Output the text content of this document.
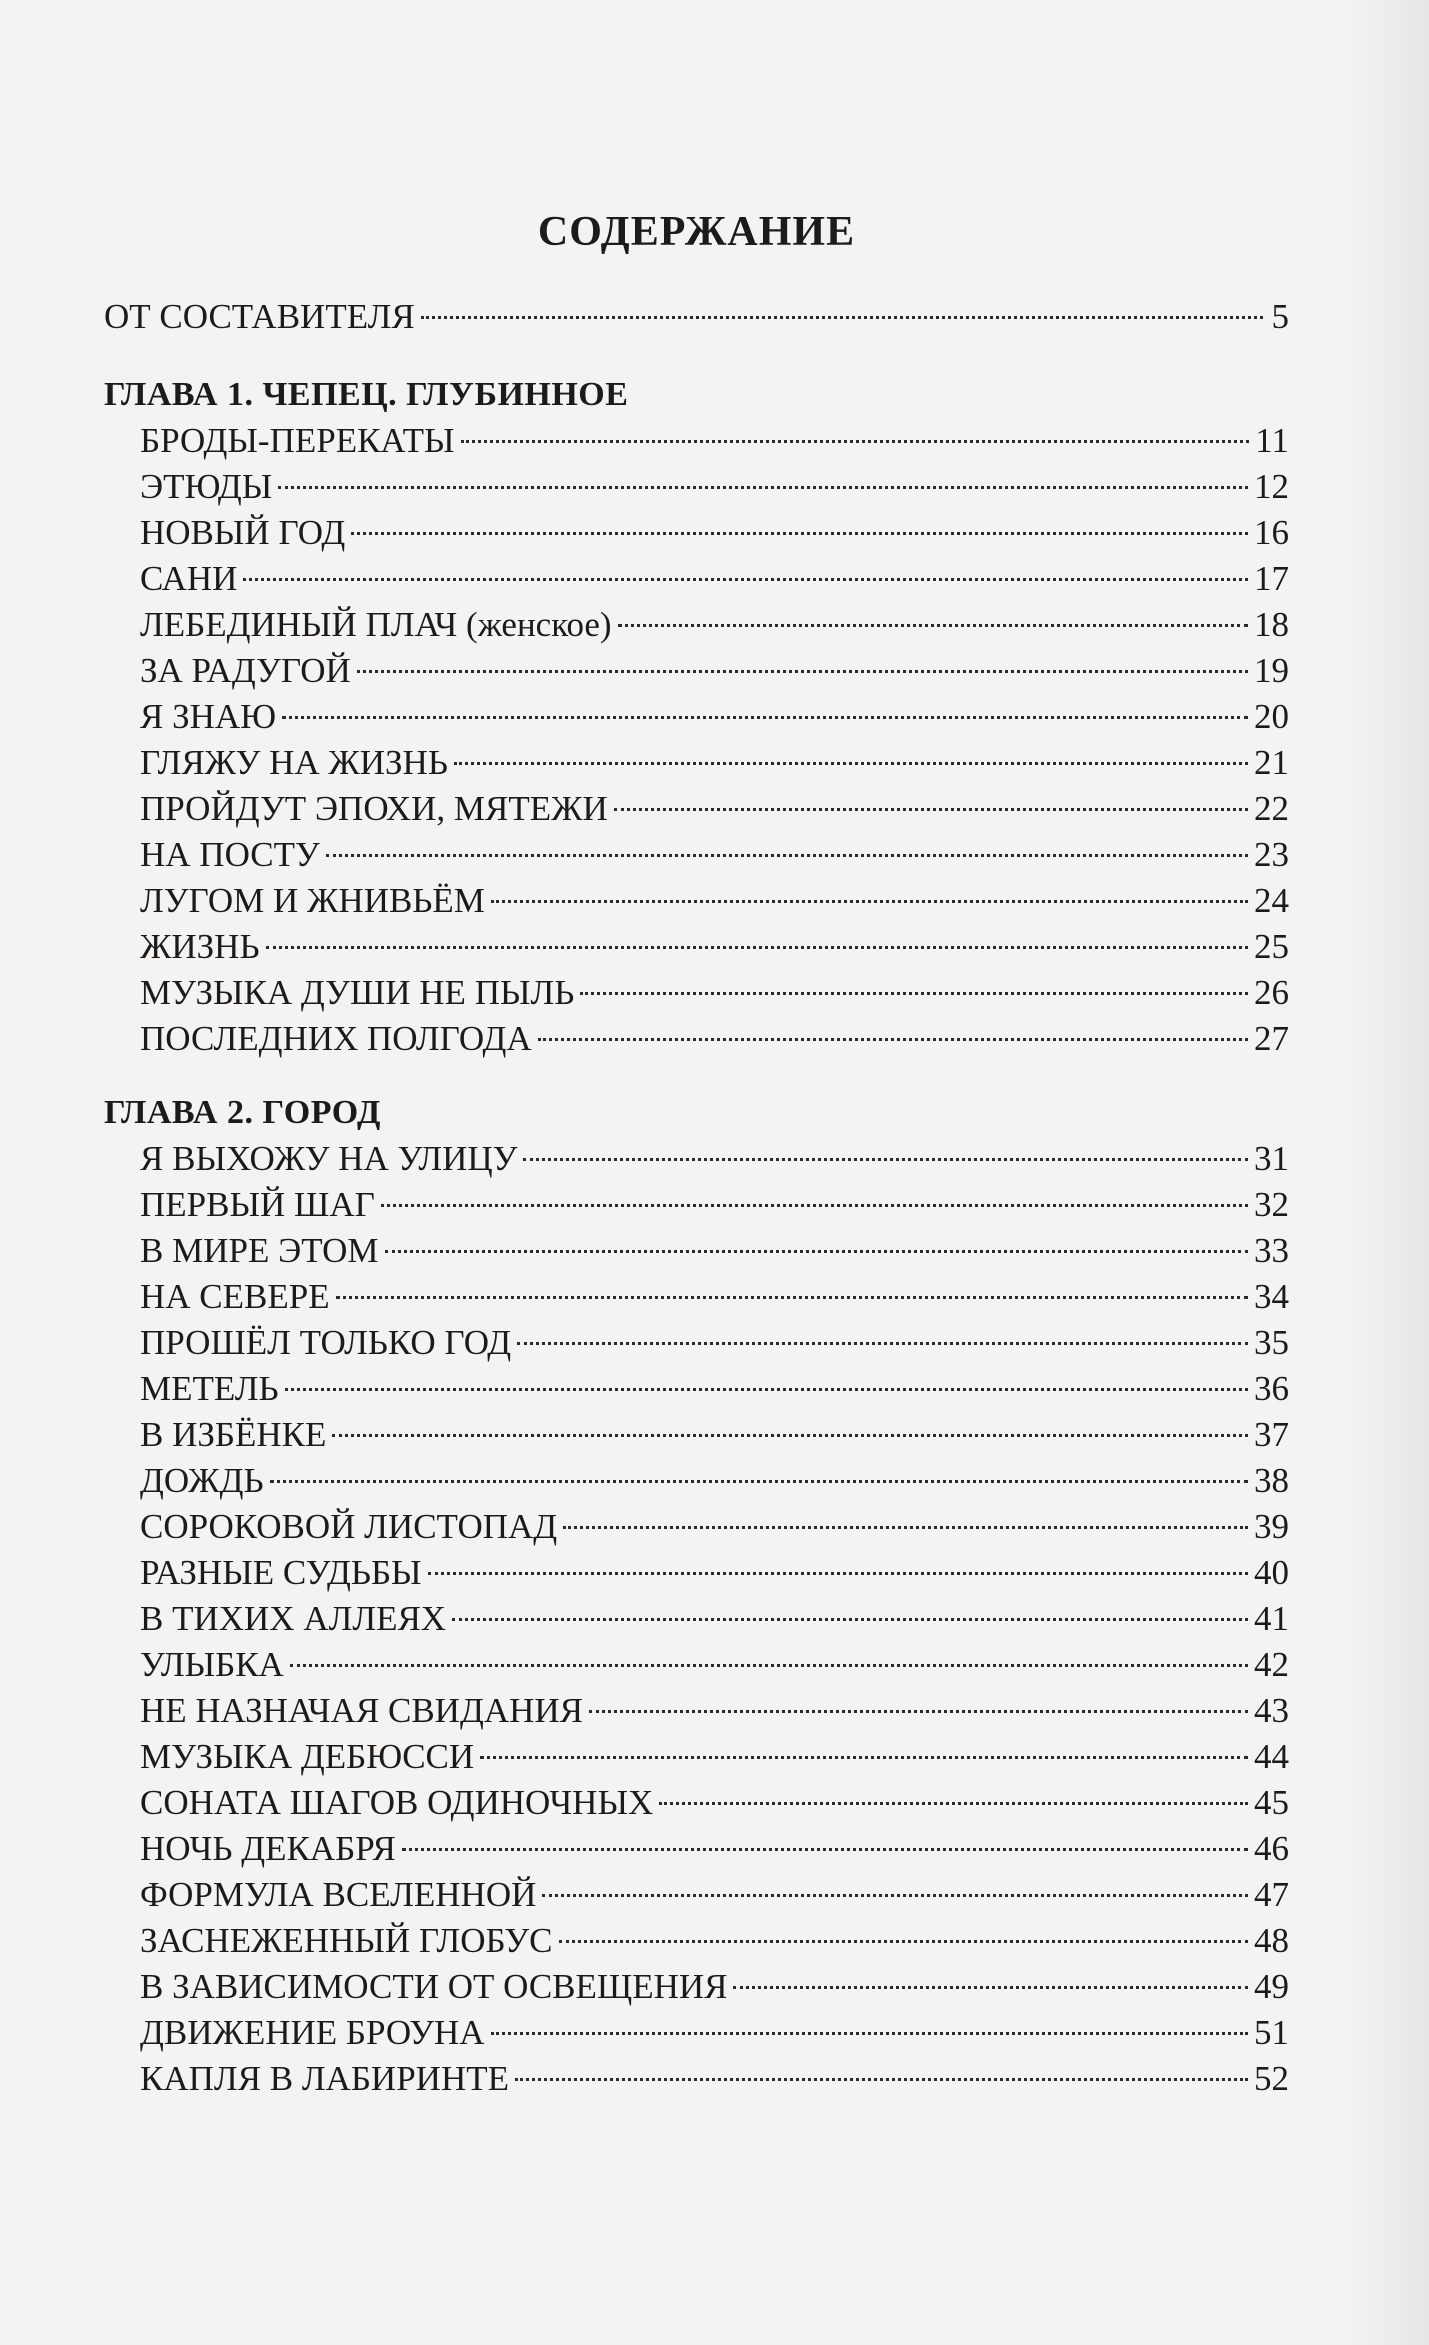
СОДЕРЖАНИЕ
ОТ СОСТАВИТЕЛЯ	5
ГЛАВА 1. ЧЕПЕЦ. ГЛУБИННОЕ
БРОДЫ-ПЕРЕКАТЫ	11
ЭТЮДЫ	12
НОВЫЙ ГОД	16
САНИ	17
ЛЕБЕДИНЫЙ ПЛАЧ (женское)	18
ЗА РАДУГОЙ	19
Я ЗНАЮ	20
ГЛЯЖУ НА ЖИЗНЬ	21
ПРОЙДУТ ЭПОХИ, МЯТЕЖИ	22
НА ПОСТУ	23
ЛУГОМ И ЖНИВЬЁМ	24
ЖИЗНЬ	25
МУЗЫКА ДУШИ НЕ ПЫЛЬ	26
ПОСЛЕДНИХ ПОЛГОДА	27
ГЛАВА 2. ГОРОД
Я ВЫХОЖУ НА УЛИЦУ	31
ПЕРВЫЙ ШАГ	32
В МИРЕ ЭТОМ	33
НА СЕВЕРЕ	34
ПРОШЁЛ ТОЛЬКО ГОД	35
МЕТЕЛЬ	36
В ИЗБЁНКЕ	37
ДОЖДЬ	38
СОРОКОВОЙ ЛИСТОПАД	39
РАЗНЫЕ СУДЬБЫ	40
В ТИХИХ АЛЛЕЯХ	41
УЛЫБКА	42
НЕ НАЗНАЧАЯ СВИДАНИЯ	43
МУЗЫКА ДЕБЮССИ	44
СОНАТА ШАГОВ ОДИНОЧНЫХ	45
НОЧЬ ДЕКАБРЯ	46
ФОРМУЛА ВСЕЛЕННОЙ	47
ЗАСНЕЖЕННЫЙ ГЛОБУС	48
В ЗАВИСИМОСТИ ОТ ОСВЕЩЕНИЯ	49
ДВИЖЕНИЕ БРОУНА	51
КАПЛЯ В ЛАБИРИНТЕ	52
